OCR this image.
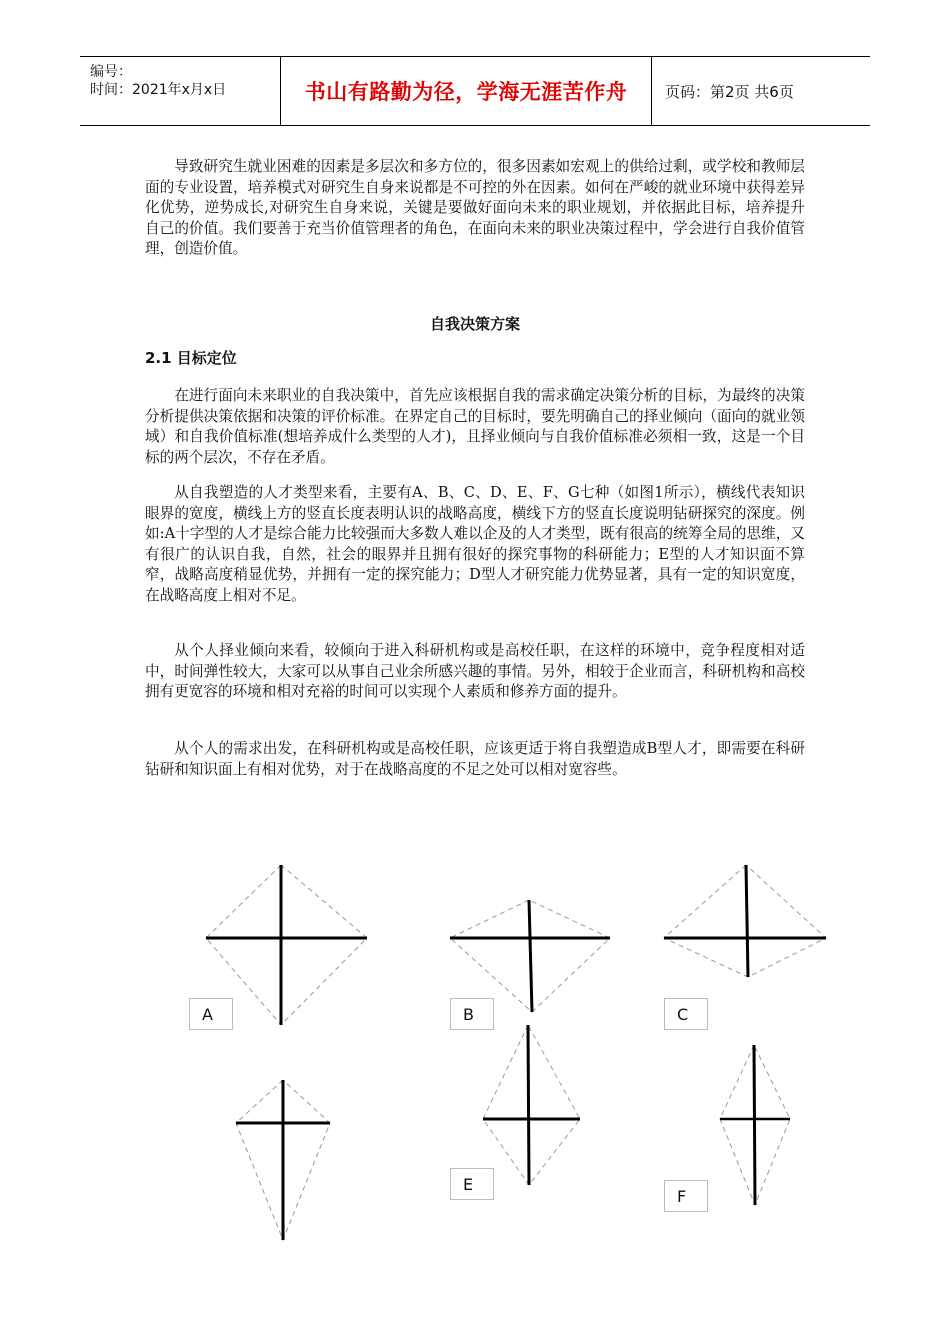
编号：
时间：2021年x月x日	书山有路勤为径，学海无涯苦作舟	页码：第2页 共6页

导致研究生就业困难的因素是多层次和多方位的，很多因素如宏观上的供给过剩，或学校和教师层面的专业设置，培养模式对研究生自身来说都是不可控的外在因素。如何在严峻的就业环境中获得差异化优势，逆势成长,对研究生自身来说，关键是要做好面向未来的职业规划，并依据此目标，培养提升自己的价值。我们要善于充当价值管理者的角色，在面向未来的职业决策过程中，学会进行自我价值管理，创造价值。

自我决策方案
2.1 目标定位

在进行面向未来职业的自我决策中，首先应该根据自我的需求确定决策分析的目标，为最终的决策分析提供决策依据和决策的评价标准。在界定自己的目标时，要先明确自己的择业倾向（面向的就业领域）和自我价值标准(想培养成什么类型的人才)，且择业倾向与自我价值标准必须相一致，这是一个目标的两个层次，不存在矛盾。

从自我塑造的人才类型来看，主要有A、B、C、D、E、F、G七种（如图1所示），横线代表知识眼界的宽度，横线上方的竖直长度表明认识的战略高度，横线下方的竖直长度说明钻研探究的深度。例如:A十字型的人才是综合能力比较强而大多数人难以企及的人才类型，既有很高的统筹全局的思维，又有很广的认识自我，自然，社会的眼界并且拥有很好的探究事物的科研能力；E型的人才知识面不算窄，战略高度稍显优势，并拥有一定的探究能力；D型人才研究能力优势显著，具有一定的知识宽度，在战略高度上相对不足。

从个人择业倾向来看，较倾向于进入科研机构或是高校任职，在这样的环境中，竞争程度相对适中，时间弹性较大，大家可以从事自己业余所感兴趣的事情。另外，相较于企业而言，科研机构和高校拥有更宽容的环境和相对充裕的时间可以实现个人素质和修养方面的提升。

从个人的需求出发，在科研机构或是高校任职，应该更适于将自我塑造成B型人才，即需要在科研钻研和知识面上有相对优势，对于在战略高度的不足之处可以相对宽容些。

A	B	C
E
F
